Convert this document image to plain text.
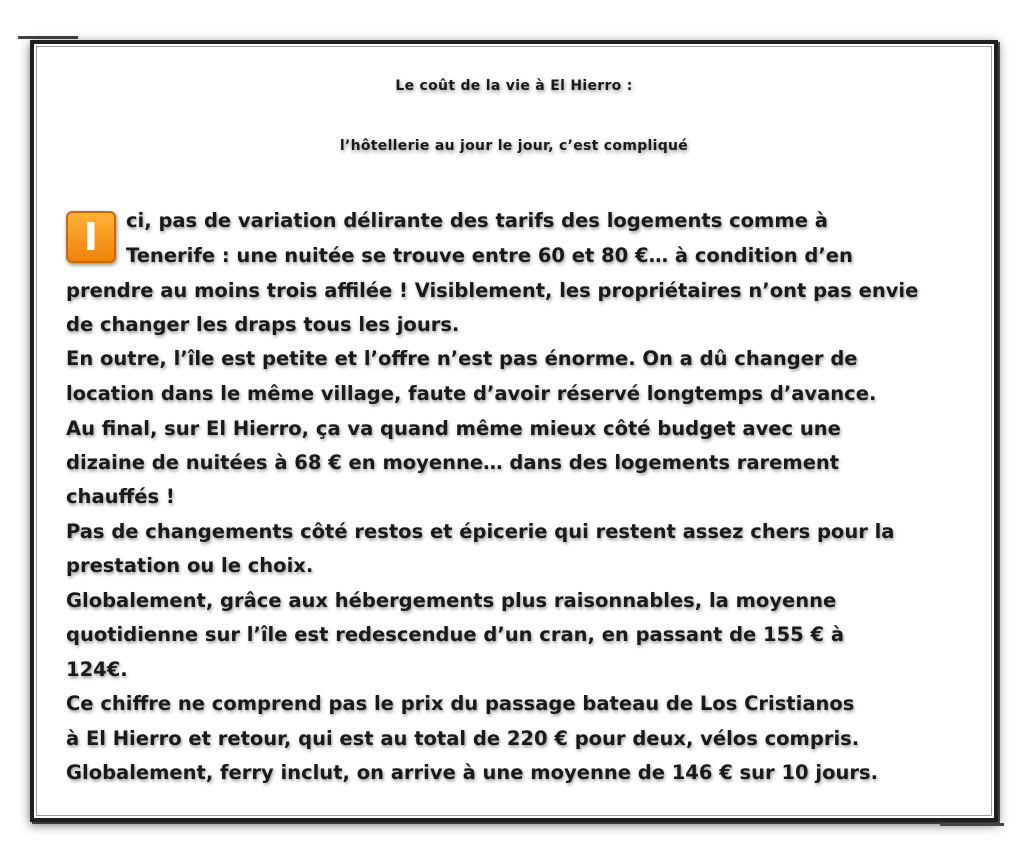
Le coût de la vie à El Hierro :
l’hôtellerie au jour le jour, c’est compliqué
I	ci, pas de variation délirante des tarifs des logements comme à

Tenerife : une nuitée se trouve entre 60 et 80 €… à condition d’en

prendre au moins trois affilée ! Visiblement, les propriétaires n’ont pas envie

de changer les draps tous les jours.

En outre, l’île est petite et l’offre n’est pas énorme. On a dû changer de

location dans le même village, faute d’avoir réservé longtemps d’avance.

Au final, sur El Hierro, ça va quand même mieux côté budget avec une

dizaine de nuitées à 68 € en moyenne… dans des logements rarement

chauffés !

Pas de changements côté restos et épicerie qui restent assez chers pour la

prestation ou le choix.

Globalement, grâce aux hébergements plus raisonnables, la moyenne

quotidienne sur l’île est redescendue d’un cran, en passant de 155 € à

124€.

Ce chiffre ne comprend pas le prix du passage bateau de Los Cristianos

à El Hierro et retour, qui est au total de 220 € pour deux, vélos compris.

Globalement, ferry inclut, on arrive à une moyenne de 146 € sur 10 jours.
